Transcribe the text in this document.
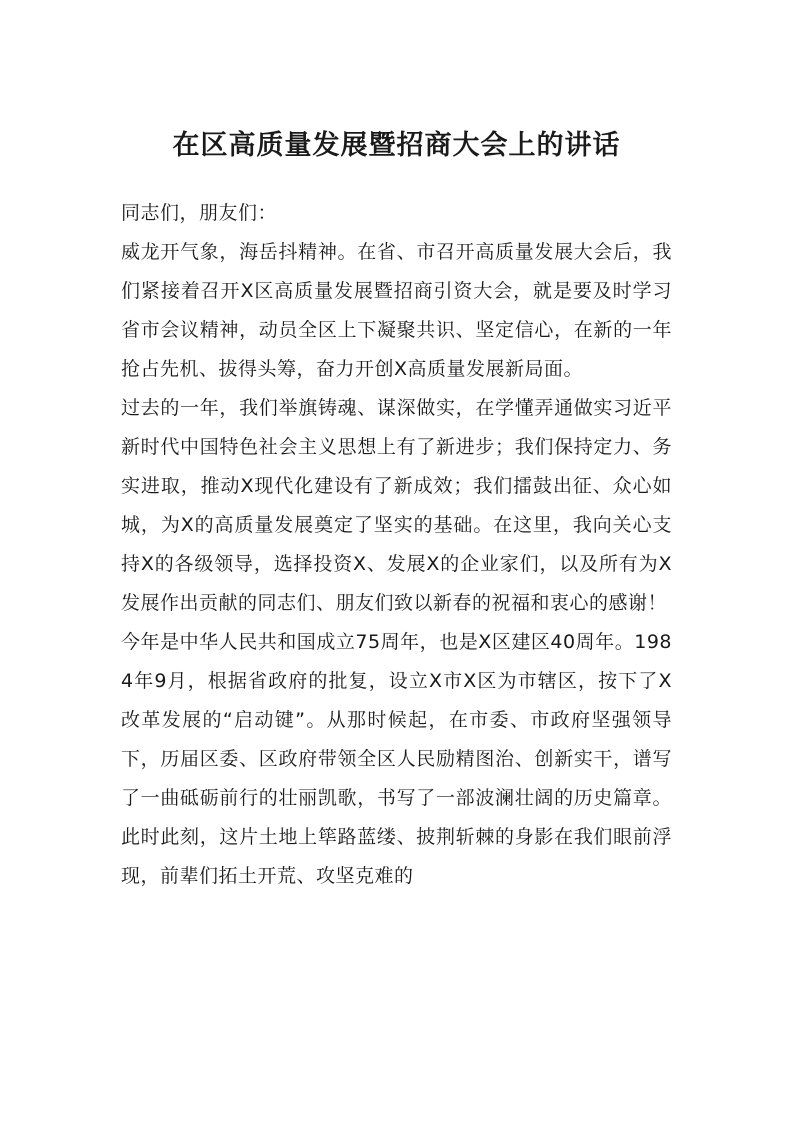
在区高质量发展暨招商大会上的讲话

同志们，朋友们：

威龙开气象，海岳抖精神。在省、市召开高质量发展大会后，我们紧接着召开X区高质量发展暨招商引资大会，就是要及时学习省市会议精神，动员全区上下凝聚共识、坚定信心，在新的一年抢占先机、拔得头筹，奋力开创X高质量发展新局面。

过去的一年，我们举旗铸魂、谋深做实，在学懂弄通做实习近平新时代中国特色社会主义思想上有了新进步；我们保持定力、务实进取，推动X现代化建设有了新成效；我们擂鼓出征、众心如城，为X的高质量发展奠定了坚实的基础。在这里，我向关心支持X的各级领导，选择投资X、发展X的企业家们，以及所有为X发展作出贡献的同志们、朋友们致以新春的祝福和衷心的感谢！

今年是中华人民共和国成立75周年，也是X区建区40周年。1984年9月，根据省政府的批复，设立X市X区为市辖区，按下了X改革发展的“启动键”。从那时候起，在市委、市政府坚强领导下，历届区委、区政府带领全区人民励精图治、创新实干，谱写了一曲砥砺前行的壮丽凯歌，书写了一部波澜壮阔的历史篇章。此时此刻，这片土地上筚路蓝缕、披荆斩棘的身影在我们眼前浮现，前辈们拓土开荒、攻坚克难的
